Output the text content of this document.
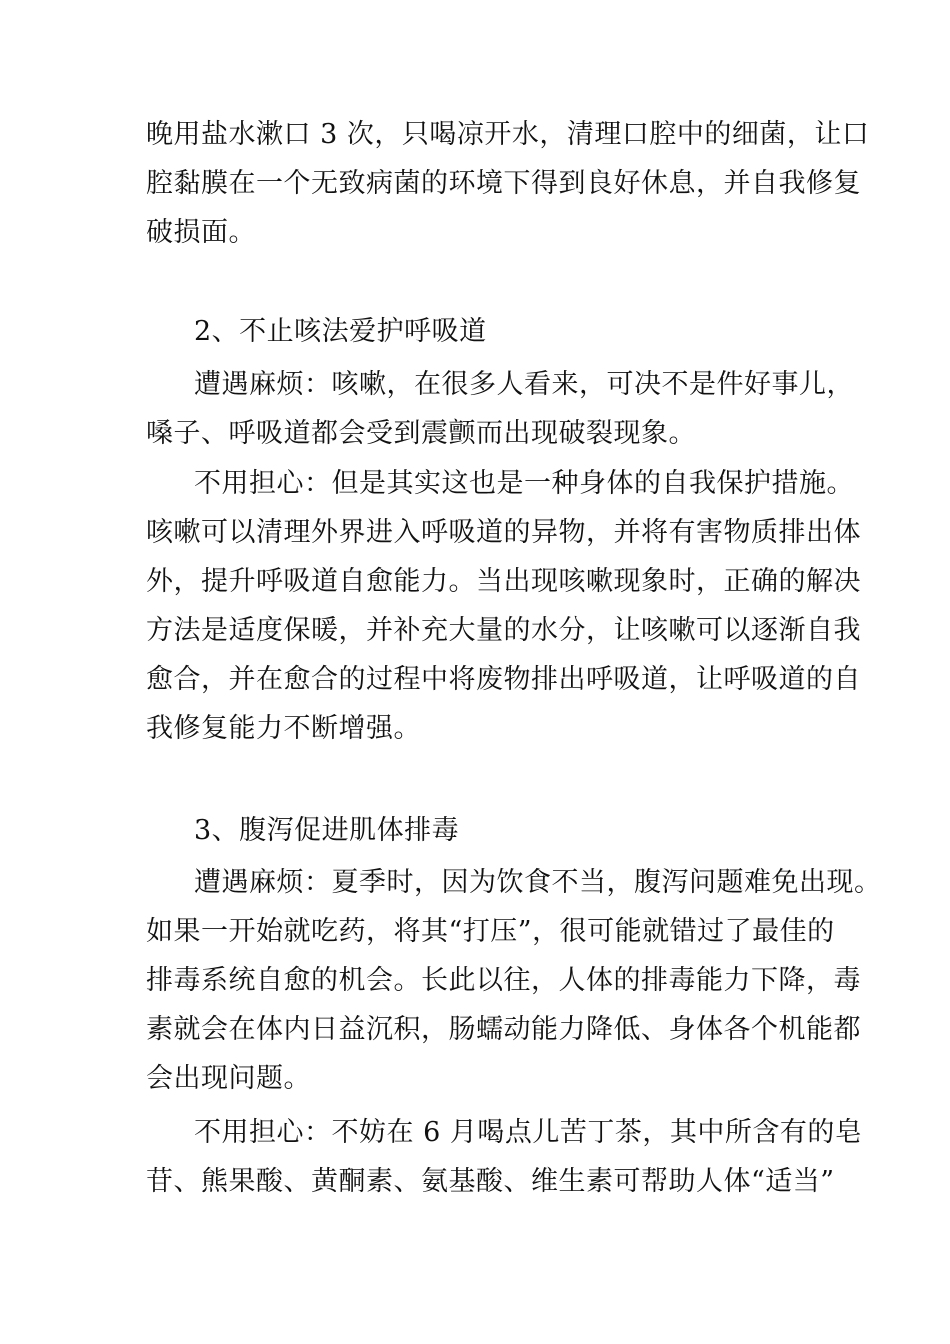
晚用盐水漱口 3 次，只喝凉开水，清理口腔中的细菌，让口
腔黏膜在一个无致病菌的环境下得到良好休息，并自我修复
破损面。
2、不止咳法爱护呼吸道
遭遇麻烦：咳嗽，在很多人看来，可决不是件好事儿，
嗓子、呼吸道都会受到震颤而出现破裂现象。
不用担心：但是其实这也是一种身体的自我保护措施。
咳嗽可以清理外界进入呼吸道的异物，并将有害物质排出体
外，提升呼吸道自愈能力。当出现咳嗽现象时，正确的解决
方法是适度保暖，并补充大量的水分，让咳嗽可以逐渐自我
愈合，并在愈合的过程中将废物排出呼吸道，让呼吸道的自
我修复能力不断增强。
3、腹泻促进肌体排毒
遭遇麻烦：夏季时，因为饮食不当，腹泻问题难免出现。
如果一开始就吃药，将其“打压”，很可能就错过了最佳的
排毒系统自愈的机会。长此以往，人体的排毒能力下降，毒
素就会在体内日益沉积，肠蠕动能力降低、身体各个机能都
会出现问题。
不用担心：不妨在 6 月喝点儿苦丁茶，其中所含有的皂
苷、熊果酸、黄酮素、氨基酸、维生素可帮助人体“适当”
